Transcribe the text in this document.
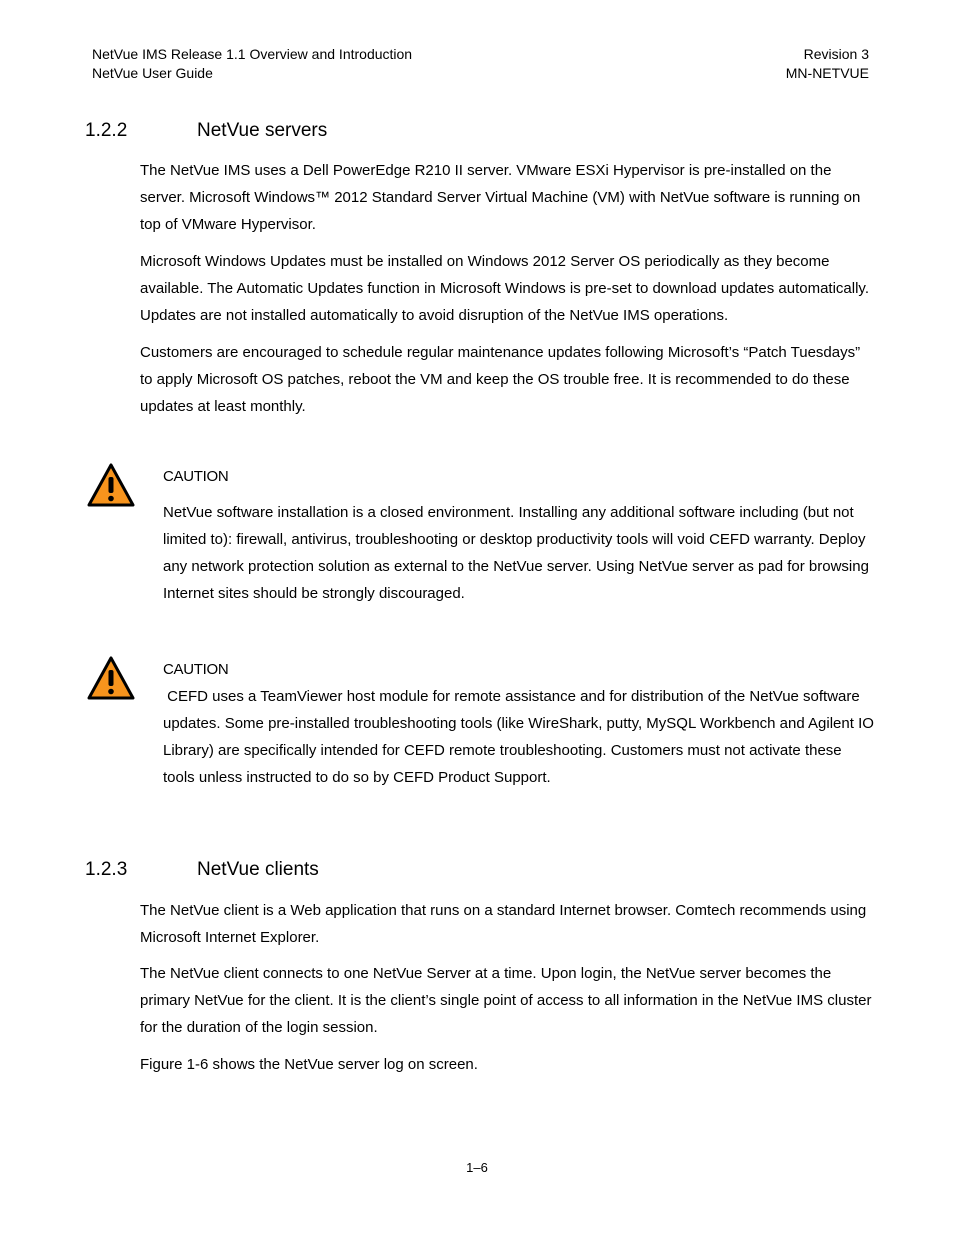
NetVue IMS Release 1.1 Overview and Introduction
NetVue User Guide
Revision 3
MN-NETVUE
1.2.2	NetVue servers

The NetVue IMS uses a Dell PowerEdge R210 II server. VMware ESXi Hypervisor is pre-installed on the server. Microsoft Windows™ 2012 Standard Server Virtual Machine (VM) with NetVue software is running on top of VMware Hypervisor.

Microsoft Windows Updates must be installed on Windows 2012 Server OS periodically as they become available. The Automatic Updates function in Microsoft Windows is pre-set to download updates automatically. Updates are not installed automatically to avoid disruption of the NetVue IMS operations.

Customers are encouraged to schedule regular maintenance updates following Microsoft’s “Patch Tuesdays” to apply Microsoft OS patches, reboot the VM and keep the OS trouble free. It is recommended to do these updates at least monthly.

CAUTION

NetVue software installation is a closed environment. Installing any additional software including (but not limited to): firewall, antivirus, troubleshooting or desktop productivity tools will void CEFD warranty. Deploy any network protection solution as external to the NetVue server. Using NetVue server as pad for browsing Internet sites should be strongly discouraged.

CAUTION

CEFD uses a TeamViewer host module for remote assistance and for distribution of the NetVue software updates. Some pre-installed troubleshooting tools (like WireShark, putty, MySQL Workbench and Agilent IO Library) are specifically intended for CEFD remote troubleshooting. Customers must not activate these tools unless instructed to do so by CEFD Product Support.

1.2.3	NetVue clients

The NetVue client is a Web application that runs on a standard Internet browser. Comtech recommends using Microsoft Internet Explorer.

The NetVue client connects to one NetVue Server at a time. Upon login, the NetVue server becomes the primary NetVue for the client. It is the client’s single point of access to all information in the NetVue IMS cluster for the duration of the login session.

Figure 1-6 shows the NetVue server log on screen.

1–6
